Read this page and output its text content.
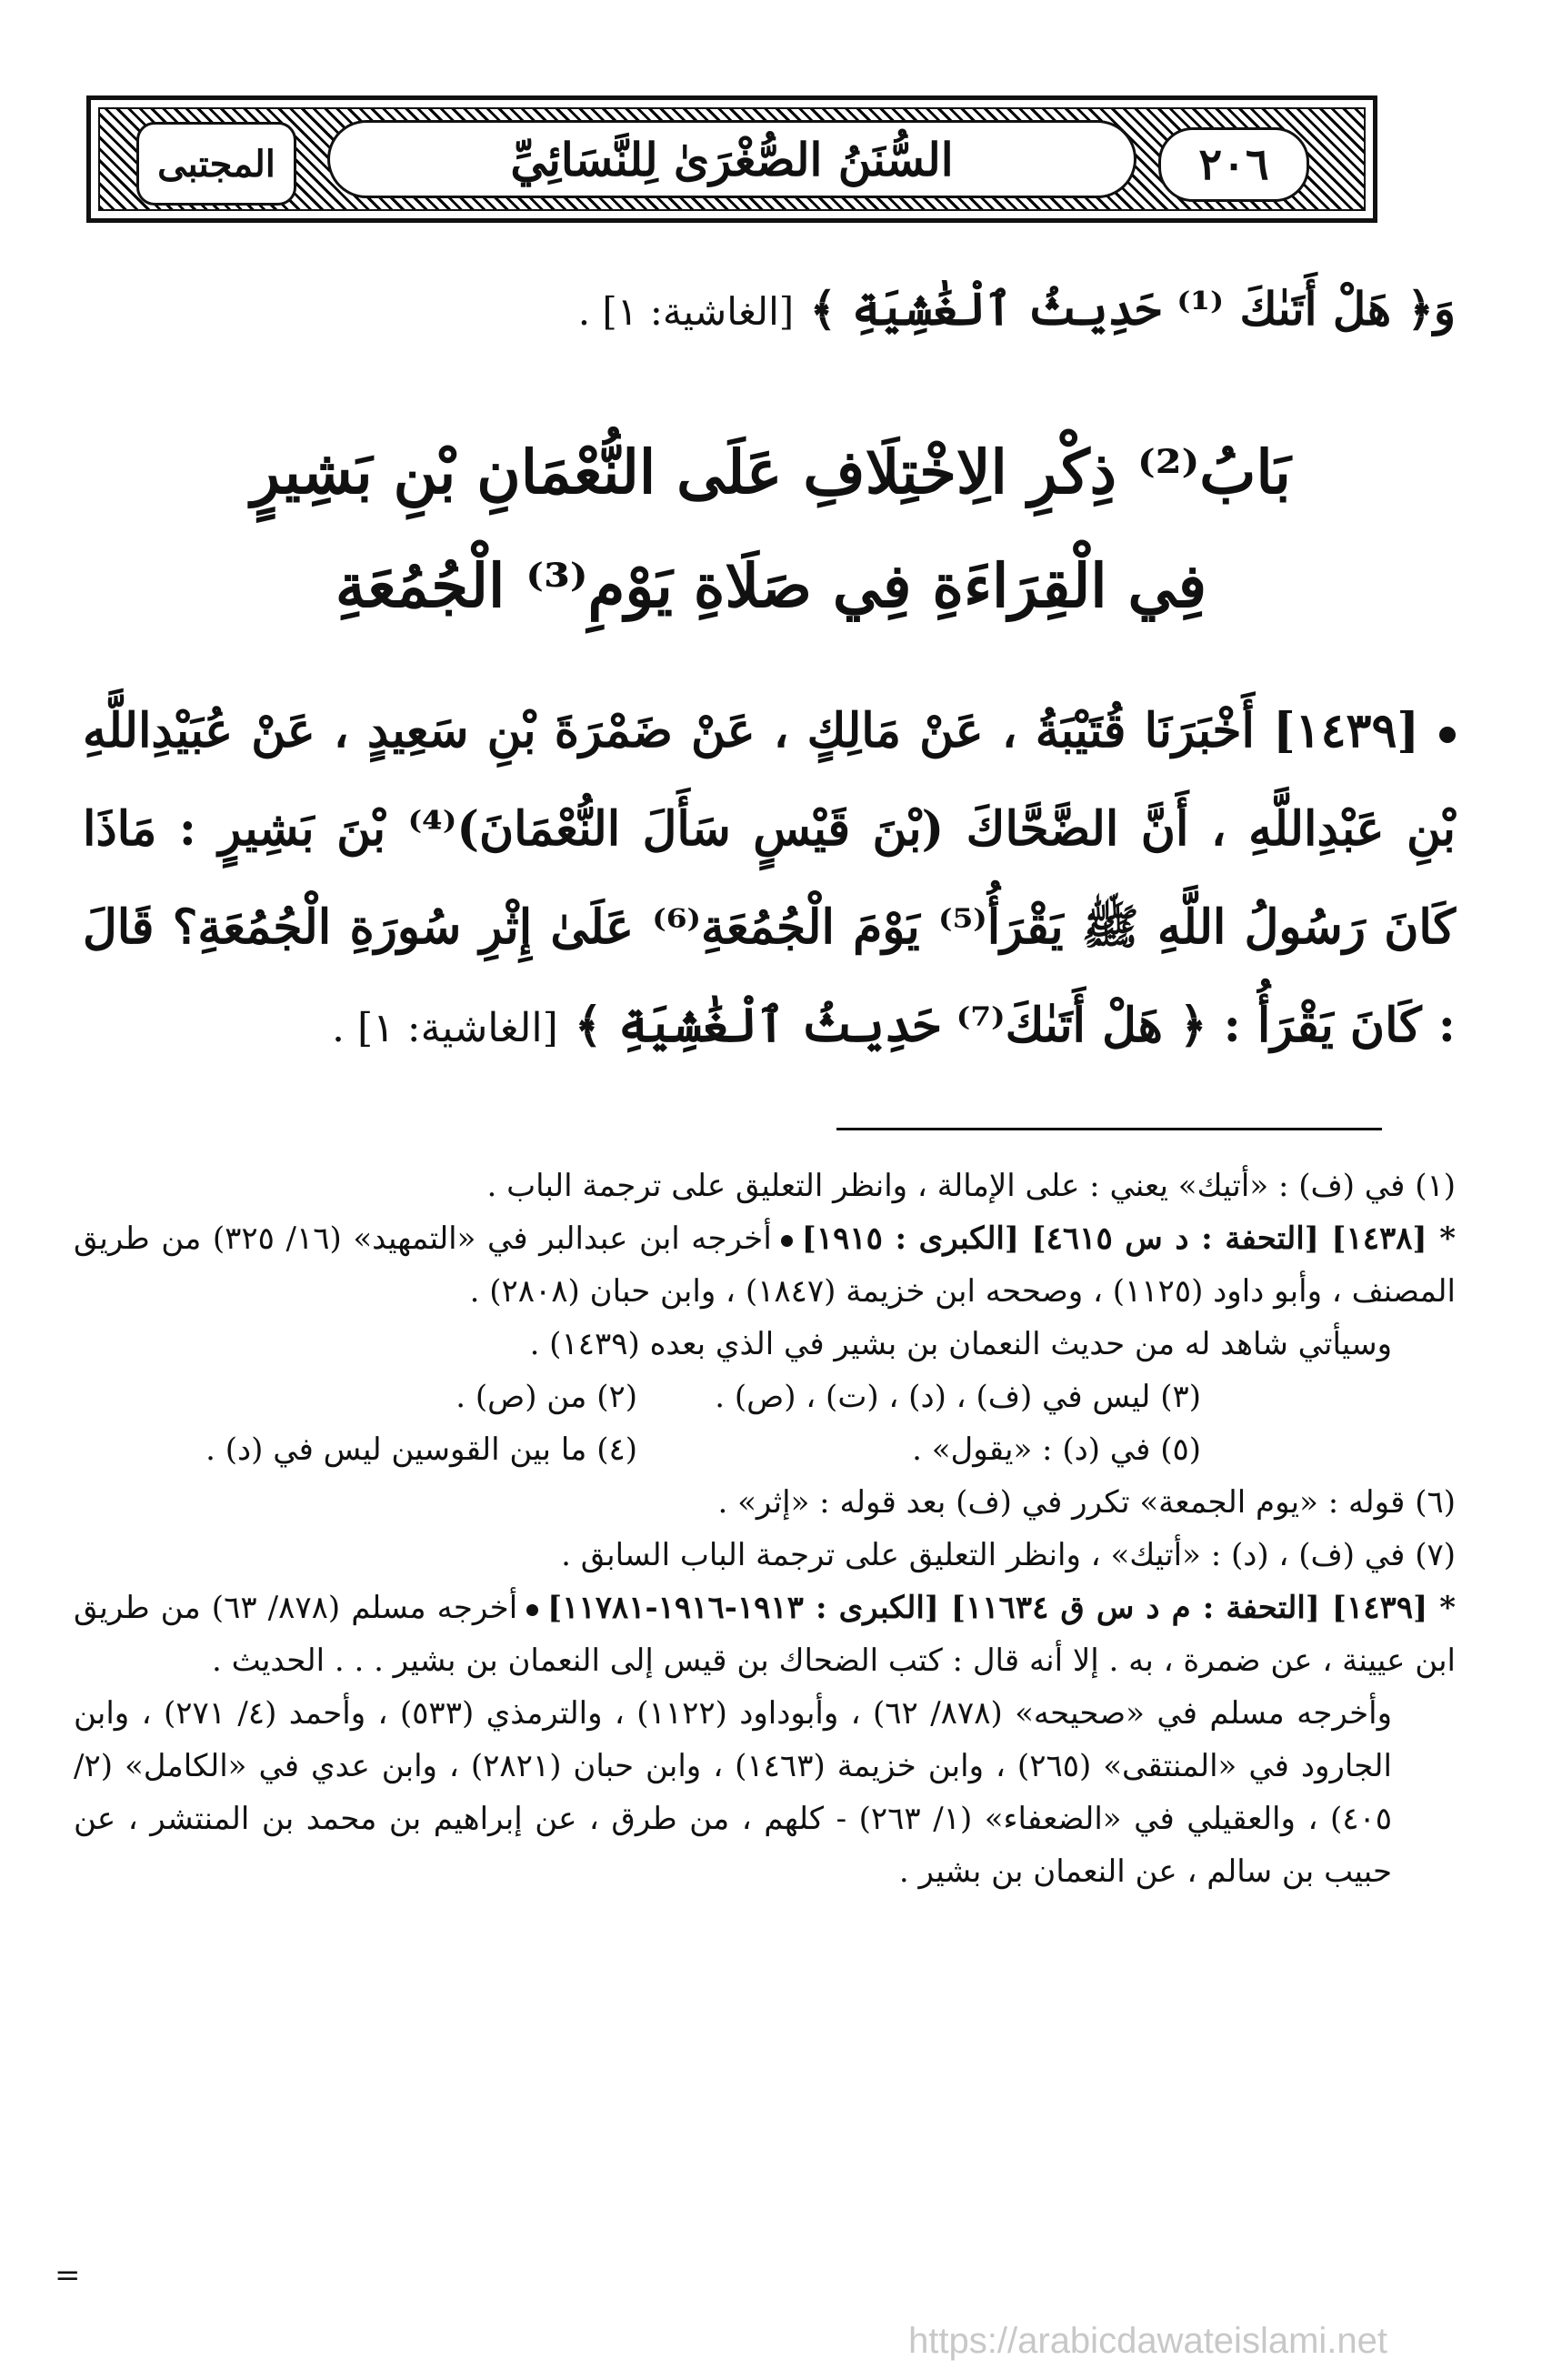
المجتبى	السُّنَنُ الصُّغْرَىٰ لِلنَّسَائِيِّ	٢٠٦
وَ﴿ هَلْ أَتَىٰكَ ⁽¹⁾ حَدِيثُ ٱلْغَٰشِيَةِ ﴾ [الغاشية: ١] .
بَابُ⁽²⁾ ذِكْرِ الِاخْتِلَافِ عَلَى النُّعْمَانِ بْنِ بَشِيرٍ
فِي الْقِرَاءَةِ فِي صَلَاةِ يَوْمِ⁽³⁾ الْجُمُعَةِ
[١٤٣٩] أَخْبَرَنَا قُتَيْبَةُ ، عَنْ مَالِكٍ ، عَنْ ضَمْرَةَ بْنِ سَعِيدٍ ، عَنْ عُبَيْدِاللَّهِ بْنِ عَبْدِاللَّهِ ، أَنَّ الضَّحَّاكَ (بْنَ قَيْسٍ سَأَلَ النُّعْمَانَ)⁽⁴⁾ بْنَ بَشِيرٍ : مَاذَا كَانَ رَسُولُ اللَّهِ ﷺ يَقْرَأُ⁽⁵⁾ يَوْمَ الْجُمُعَةِ⁽⁶⁾ عَلَىٰ إِثْرِ سُورَةِ الْجُمُعَةِ؟ قَالَ : كَانَ يَقْرَأُ : ﴿ هَلْ أَتَىٰكَ⁽⁷⁾ حَدِيثُ ٱلْغَٰشِيَةِ ﴾ [الغاشية: ١] .
(١) في (ف) : «أتيك» يعني : على الإمالة ، وانظر التعليق على ترجمة الباب .
* [١٤٣٨] [التحفة : د س ٤٦١٥] [الكبرى : ١٩١٥]أخرجه ابن عبدالبر في «التمهيد» (١٦/ ٣٢٥) من طريق المصنف ، وأبو داود (١١٢٥) ، وصححه ابن خزيمة (١٨٤٧) ، وابن حبان (٢٨٠٨) .
وسيأتي شاهد له من حديث النعمان بن بشير في الذي بعده (١٤٣٩) .
(٢) من (ص) .	(٣) ليس في (ف) ، (د) ، (ت) ، (ص) .
(٤) ما بين القوسين ليس في (د) .	(٥) في (د) : «يقول» .
(٦) قوله : «يوم الجمعة» تكرر في (ف) بعد قوله : «إثر» .
(٧) في (ف) ، (د) : «أتيك» ، وانظر التعليق على ترجمة الباب السابق .
* [١٤٣٩] [التحفة : م د س ق ١١٦٣٤] [الكبرى : ١٩١٣-١٩١٦-١١٧٨١]أخرجه مسلم (٨٧٨/ ٦٣) من طريق ابن عيينة ، عن ضمرة ، به . إلا أنه قال : كتب الضحاك بن قيس إلى النعمان بن بشير . . . الحديث .
وأخرجه مسلم في «صحيحه» (٨٧٨/ ٦٢) ، وأبوداود (١١٢٢) ، والترمذي (٥٣٣) ، وأحمد (٤/ ٢٧١) ، وابن الجارود في «المنتقى» (٢٦٥) ، وابن خزيمة (١٤٦٣) ، وابن حبان (٢٨٢١) ، وابن عدي في «الكامل» (٢/ ٤٠٥) ، والعقيلي في «الضعفاء» (١/ ٢٦٣) - كلهم ، من طرق ، عن إبراهيم بن محمد بن المنتشر ، عن حبيب بن سالم ، عن النعمان بن بشير .
=
https://arabicdawateislami.net
